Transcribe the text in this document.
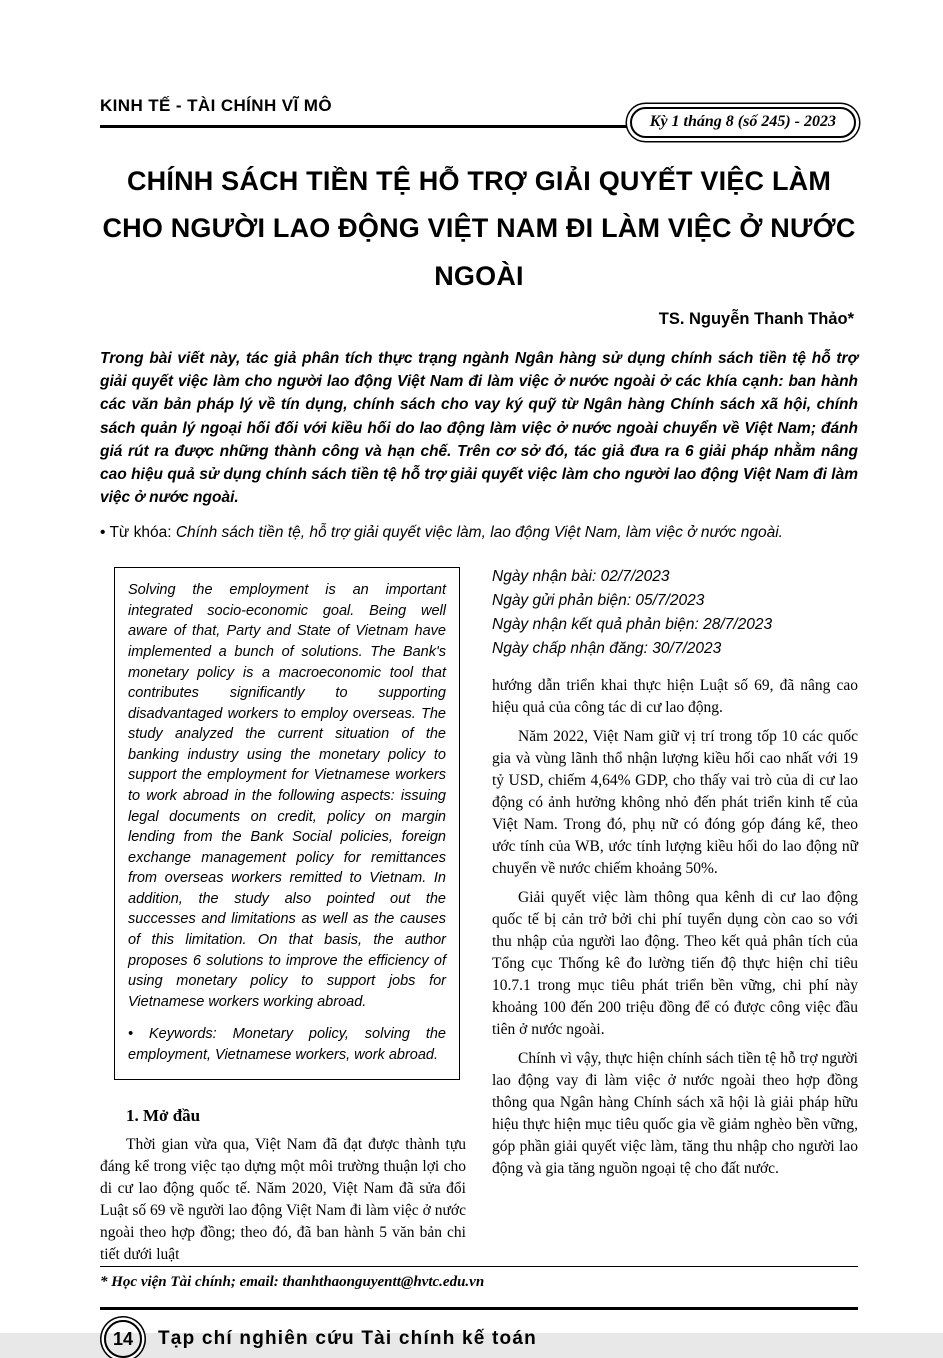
KINH TẾ - TÀI CHÍNH VĨ MÔ
Kỳ 1 tháng 8 (số 245) - 2023
CHÍNH SÁCH TIỀN TỆ HỖ TRỢ GIẢI QUYẾT VIỆC LÀM
CHO NGƯỜI LAO ĐỘNG VIỆT NAM ĐI LÀM VIỆC Ở NƯỚC NGOÀI
TS. Nguyễn Thanh Thảo*
Trong bài viết này, tác giả phân tích thực trạng ngành Ngân hàng sử dụng chính sách tiền tệ hỗ trợ giải quyết việc làm cho người lao động Việt Nam đi làm việc ở nước ngoài ở các khía cạnh: ban hành các văn bản pháp lý về tín dụng, chính sách cho vay ký quỹ từ Ngân hàng Chính sách xã hội, chính sách quản lý ngoại hối đối với kiều hối do lao động làm việc ở nước ngoài chuyển về Việt Nam; đánh giá rút ra được những thành công và hạn chế. Trên cơ sở đó, tác giả đưa ra 6 giải pháp nhằm nâng cao hiệu quả sử dụng chính sách tiền tệ hỗ trợ giải quyết việc làm cho người lao động Việt Nam đi làm việc ở nước ngoài.
• Từ khóa: Chính sách tiền tệ, hỗ trợ giải quyết việc làm, lao động Việt Nam, làm việc ở nước ngoài.
Solving the employment is an important integrated socio-economic goal. Being well aware of that, Party and State of Vietnam have implemented a bunch of solutions. The Bank's monetary policy is a macroeconomic tool that contributes significantly to supporting disadvantaged workers to employ overseas. The study analyzed the current situation of the banking industry using the monetary policy to support the employment for Vietnamese workers to work abroad in the following aspects: issuing legal documents on credit, policy on margin lending from the Bank Social policies, foreign exchange management policy for remittances from overseas workers remitted to Vietnam. In addition, the study also pointed out the successes and limitations as well as the causes of this limitation. On that basis, the author proposes 6 solutions to improve the efficiency of using monetary policy to support jobs for Vietnamese workers working abroad.
• Keywords: Monetary policy, solving the employment, Vietnamese workers, work abroad.
1. Mở đầu

Thời gian vừa qua, Việt Nam đã đạt được thành tựu đáng kể trong việc tạo dựng một môi trường thuận lợi cho di cư lao động quốc tế. Năm 2020, Việt Nam đã sửa đổi Luật số 69 về người lao động Việt Nam đi làm việc ở nước ngoài theo hợp đồng; theo đó, đã ban hành 5 văn bản chi tiết dưới luật

Ngày nhận bài: 02/7/2023
Ngày gửi phản biện: 05/7/2023
Ngày nhận kết quả phản biện: 28/7/2023
Ngày chấp nhận đăng: 30/7/2023

hướng dẫn triển khai thực hiện Luật số 69, đã nâng cao hiệu quả của công tác di cư lao động.

Năm 2022, Việt Nam giữ vị trí trong tốp 10 các quốc gia và vùng lãnh thổ nhận lượng kiều hối cao nhất với 19 tỷ USD, chiếm 4,64% GDP, cho thấy vai trò của di cư lao động có ảnh hưởng không nhỏ đến phát triển kinh tế của Việt Nam. Trong đó, phụ nữ có đóng góp đáng kể, theo ước tính của WB, ước tính lượng kiều hối do lao động nữ chuyển về nước chiếm khoảng 50%.

Giải quyết việc làm thông qua kênh di cư lao động quốc tế bị cản trở bởi chi phí tuyển dụng còn cao so với thu nhập của người lao động. Theo kết quả phân tích của Tổng cục Thống kê đo lường tiến độ thực hiện chỉ tiêu 10.7.1 trong mục tiêu phát triển bền vững, chi phí này khoảng 100 đến 200 triệu đồng để có được công việc đầu tiên ở nước ngoài.

Chính vì vậy, thực hiện chính sách tiền tệ hỗ trợ người lao động vay đi làm việc ở nước ngoài theo hợp đồng thông qua Ngân hàng Chính sách xã hội là giải pháp hữu hiệu thực hiện mục tiêu quốc gia về giảm nghèo bền vững, góp phần giải quyết việc làm, tăng thu nhập cho người lao động và gia tăng nguồn ngoại tệ cho đất nước.

* Học viện Tài chính; email: thanhthaonguyentt@hvtc.edu.vn
14	Tạp chí nghiên cứu Tài chính kế toán
